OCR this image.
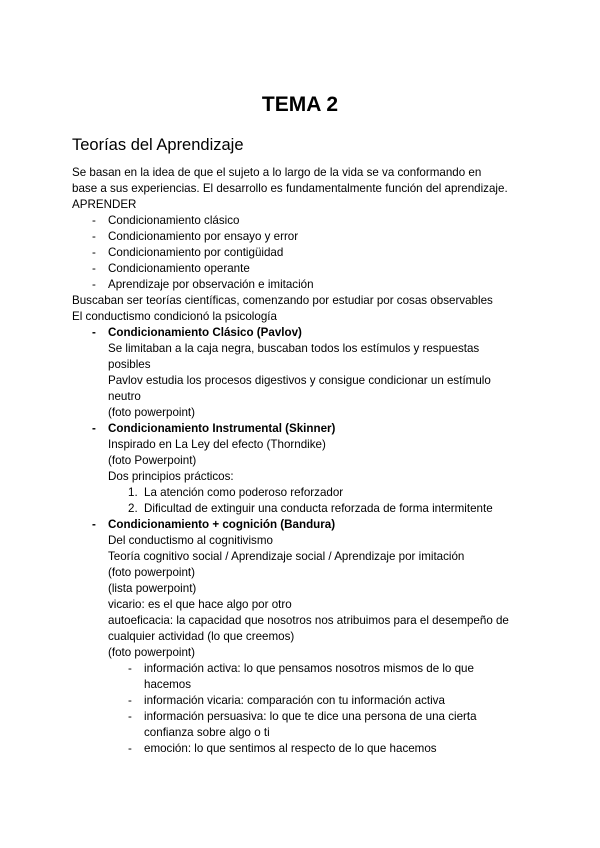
TEMA 2
Teorías del Aprendizaje
Se basan en la idea de que el sujeto a lo largo de la vida se va conformando en
base a sus experiencias. El desarrollo es fundamentalmente función del aprendizaje.
APRENDER
- Condicionamiento clásico
- Condicionamiento por ensayo y error
- Condicionamiento por contigüidad
- Condicionamiento operante
- Aprendizaje por observación e imitación
Buscaban ser teorías científicas, comenzando por estudiar por cosas observables
El conductismo condicionó la psicología
- Condicionamiento Clásico (Pavlov)
Se limitaban a la caja negra, buscaban todos los estímulos y respuestas
posibles
Pavlov estudia los procesos digestivos y consigue condicionar un estímulo
neutro
(foto powerpoint)
- Condicionamiento Instrumental (Skinner)
Inspirado en La Ley del efecto (Thorndike)
(foto Powerpoint)
Dos principios prácticos:
1. La atención como poderoso reforzador
2. Dificultad de extinguir una conducta reforzada de forma intermitente
- Condicionamiento + cognición (Bandura)
Del conductismo al cognitivismo
Teoría cognitivo social / Aprendizaje social / Aprendizaje por imitación
(foto powerpoint)
(lista powerpoint)
vicario: es el que hace algo por otro
autoeficacia: la capacidad que nosotros nos atribuimos para el desempeño de
cualquier actividad (lo que creemos)
(foto powerpoint)
- información activa: lo que pensamos nosotros mismos de lo que
hacemos
- información vicaria: comparación con tu información activa
- información persuasiva: lo que te dice una persona de una cierta
confianza sobre algo o ti
- emoción: lo que sentimos al respecto de lo que hacemos
